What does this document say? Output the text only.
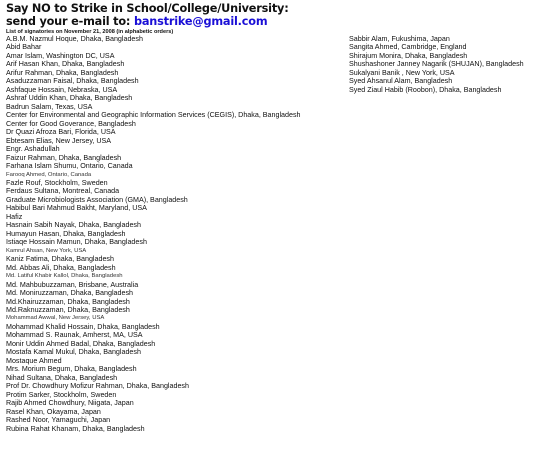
Say NO to Strike in School/College/University:
send your e-mail to: banstrike@gmail.com
List of signatories on November 21, 2008 (in alphabetic orders)
A.B.M. Nazmul Hoque, Dhaka, Bangladesh
Abid Bahar
Amar Islam, Washington DC, USA
Arif Hasan Khan, Dhaka, Bangladesh
Arifur Rahman, Dhaka, Bangladesh
Asaduzzaman Faisal, Dhaka, Bangladesh
Ashfaque Hossain, Nebraska, USA
Ashraf Uddin Khan, Dhaka, Bangladesh
Badrun Salam, Texas, USA
Center for Environmental and Geographic Information Services (CEGIS), Dhaka, Bangladesh
Center for Good Goverance, Bangladesh
Dr Quazi Afroza Bari, Florida, USA
Ebtesam Elias, New Jersey, USA
Engr. Ashadullah
Faizur Rahman, Dhaka, Bangladesh
Farhana Islam Shumu, Ontario, Canada
Farooq Ahmed, Ontario, Canada
Fazle Rouf, Stockholm, Sweden
Ferdaus Sultana, Montreal, Canada
Graduate Microbiologists Association (GMA), Bangladesh
Habibul Bari Mahmud Bakht, Maryland, USA
Hafiz
Hasnain Sabih Nayak, Dhaka, Bangladesh
Humayun Hasan, Dhaka, Bangladesh
Istiaqe Hossain Mamun, Dhaka, Bangladesh
Kamrul Ahsan, New York, USA
Kaniz Fatima, Dhaka, Bangladesh
Md. Abbas Ali, Dhaka, Bangladesh
Md. Latiful Khabir Kallol, Dhaka, Bangladesh
Md. Mahbubuzzaman, Brisbane, Australia
Md. Moniruzzaman, Dhaka, Bangladesh
Md.Khairuzzaman, Dhaka, Bangladesh
Md.Raknuzzaman, Dhaka, Bangladesh
Mohammad Awwal, New Jersey, USA
Mohammad Khalid Hossain, Dhaka, Bangladesh
Mohammad S. Raunak, Amherst, MA, USA
Monir Uddin Ahmed Badal, Dhaka, Bangladesh
Mostafa Kamal Mukul, Dhaka, Bangladesh
Mostaque Ahmed
Mrs. Morium Begum, Dhaka, Bangladesh
Nihad Sultana, Dhaka, Bangladesh
Prof Dr. Chowdhury Mofizur Rahman, Dhaka, Bangladesh
Protim Sarker, Stockholm, Sweden
Rajib Ahmed Chowdhury, Niigata, Japan
Rasel Khan, Okayama, Japan
Rashed Noor, Yamaguchi, Japan
Rubina Rahat Khanam, Dhaka, Bangladesh
Sabbir Alam, Fukushima, Japan
Sangita Ahmed, Cambridge, England
Shirajum Monira, Dhaka, Bangladesh
Shushashoner Janney Nagarik (SHUJAN), Bangladesh
Sukalyani Banik , New York, USA
Syed Ahsanul Alam, Bangladesh
Syed Ziaul Habib (Roobon), Dhaka, Bangladesh
